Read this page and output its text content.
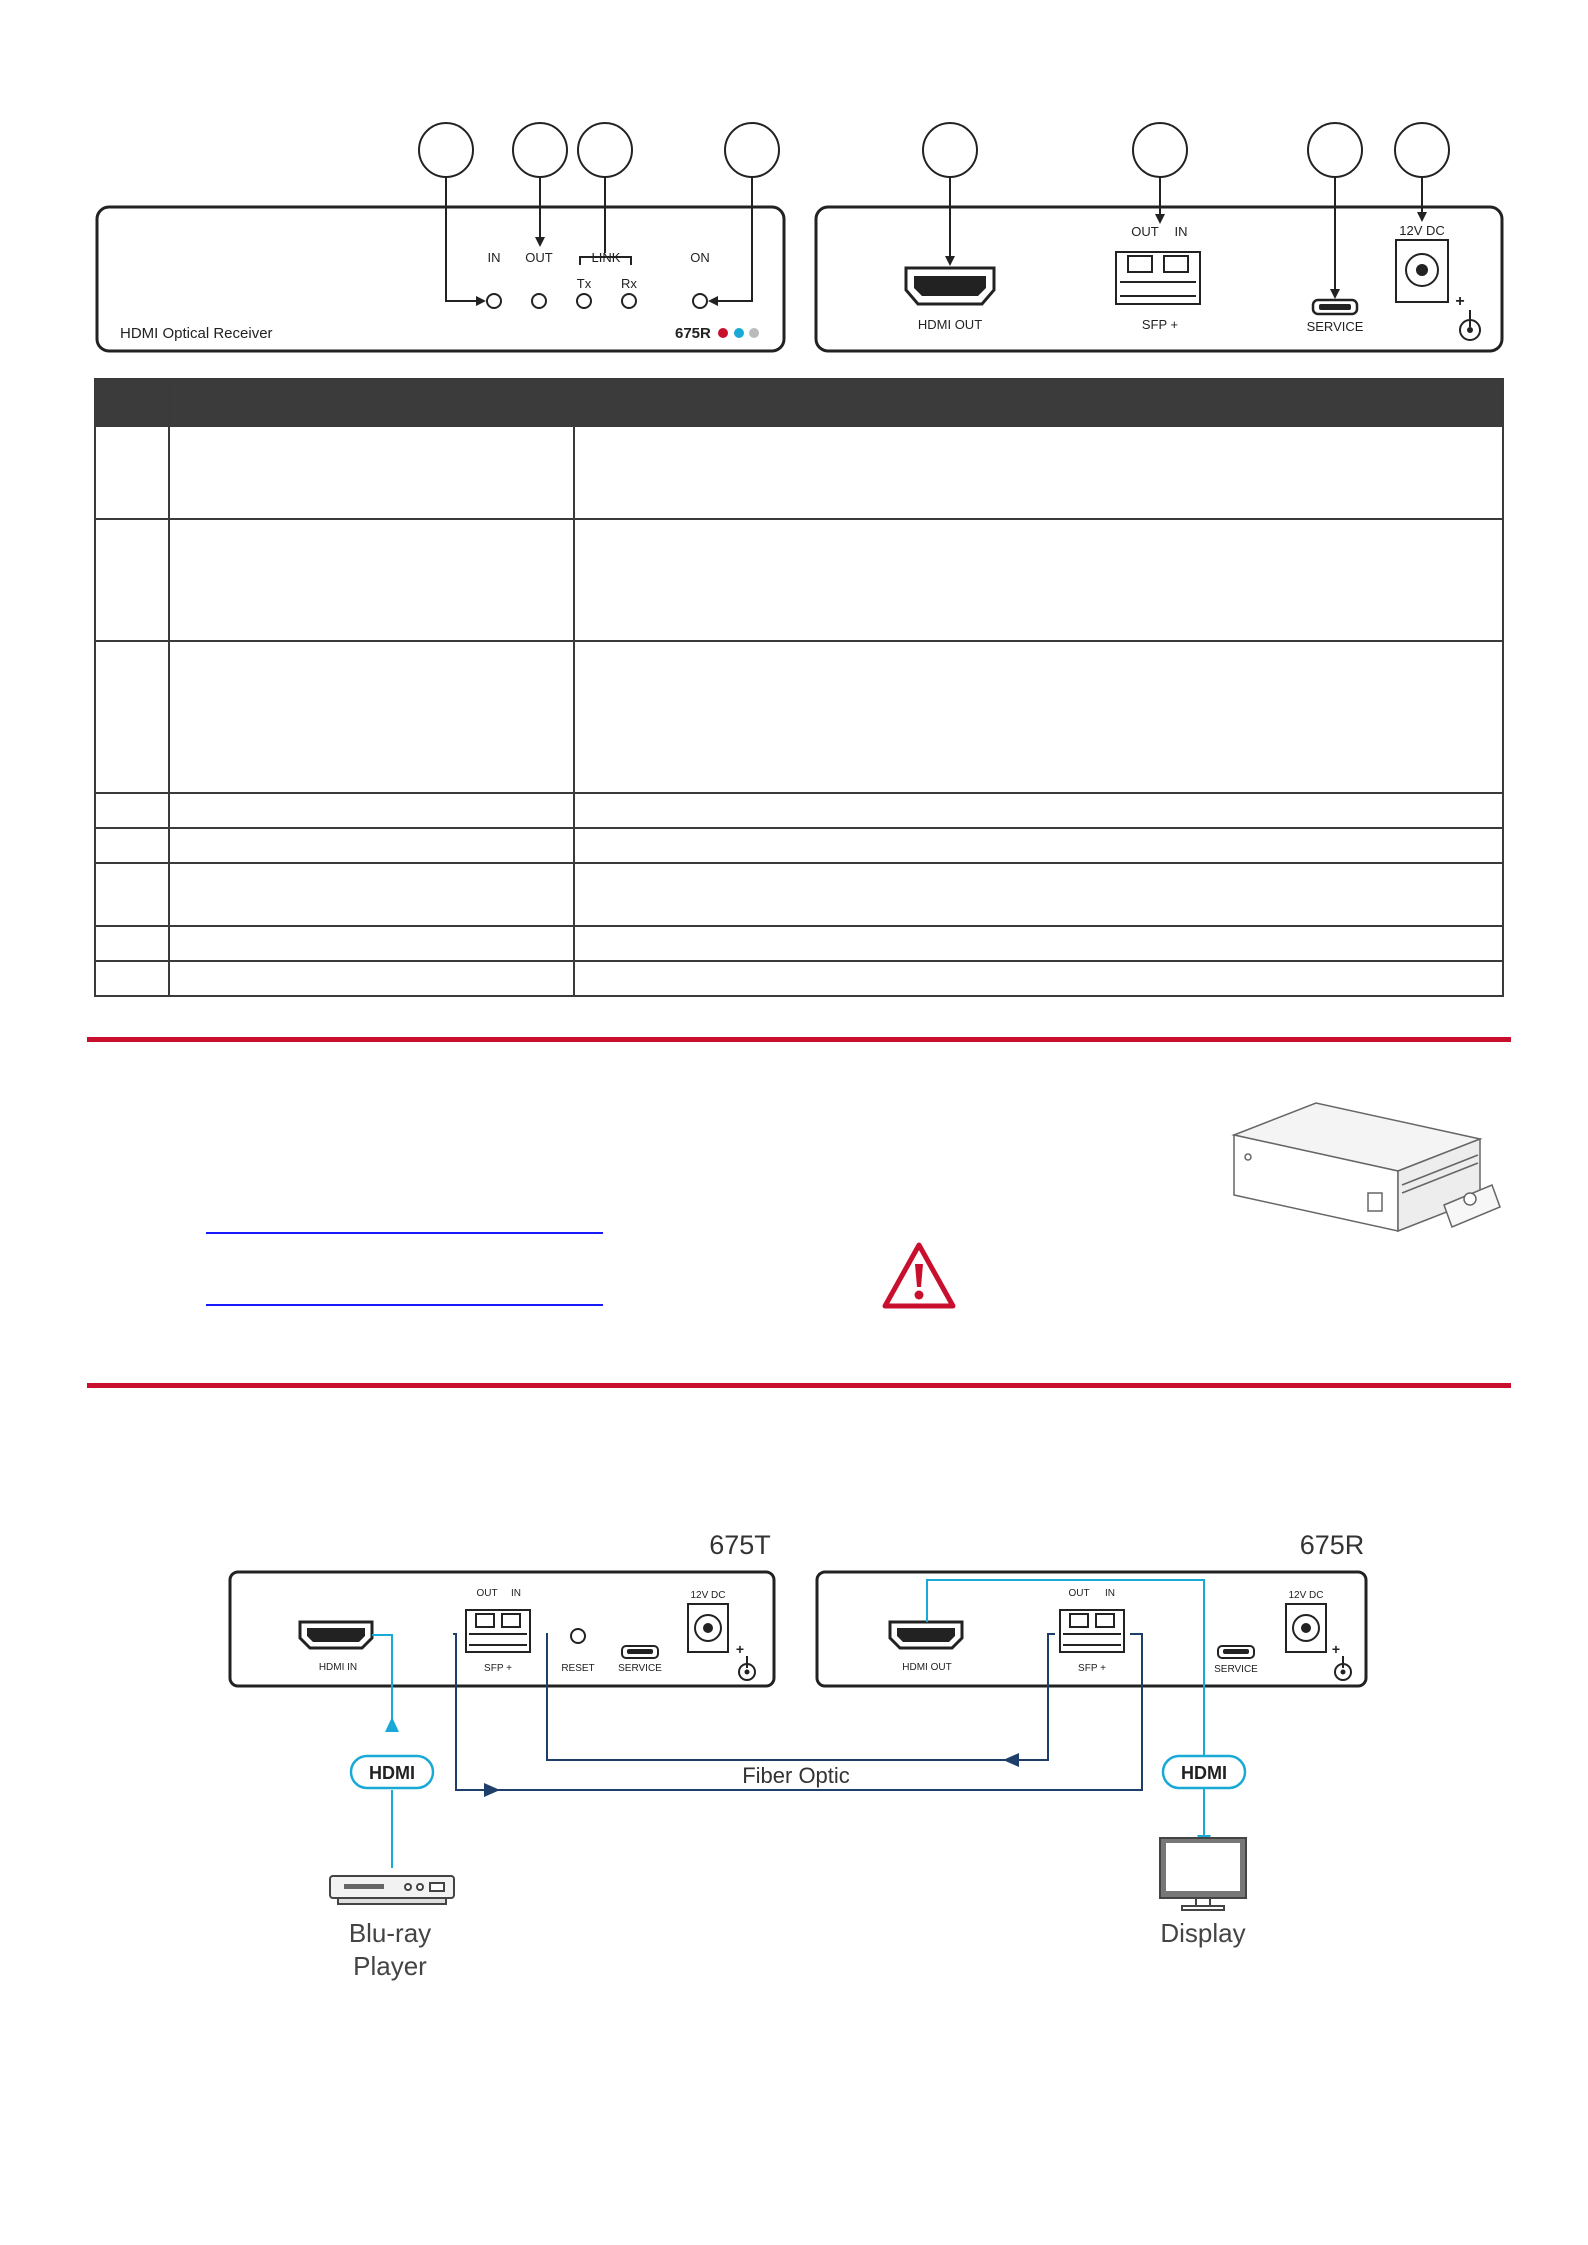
IN OUT	LINK
Tx Rx
ON
HDMI Optical Receiver	675R
HDMI OUT
OUT IN
SFP +	SERVICE
12V DC
+

675T	675R
HDMI IN
OUT IN
SFP +	RESET SERVICE
12V DC
+
HDMI OUT
OUT IN
SFP +	SERVICE
12V DC
+
Fiber Optic
HDMI	HDMI
Blu-ray
Player
Display
